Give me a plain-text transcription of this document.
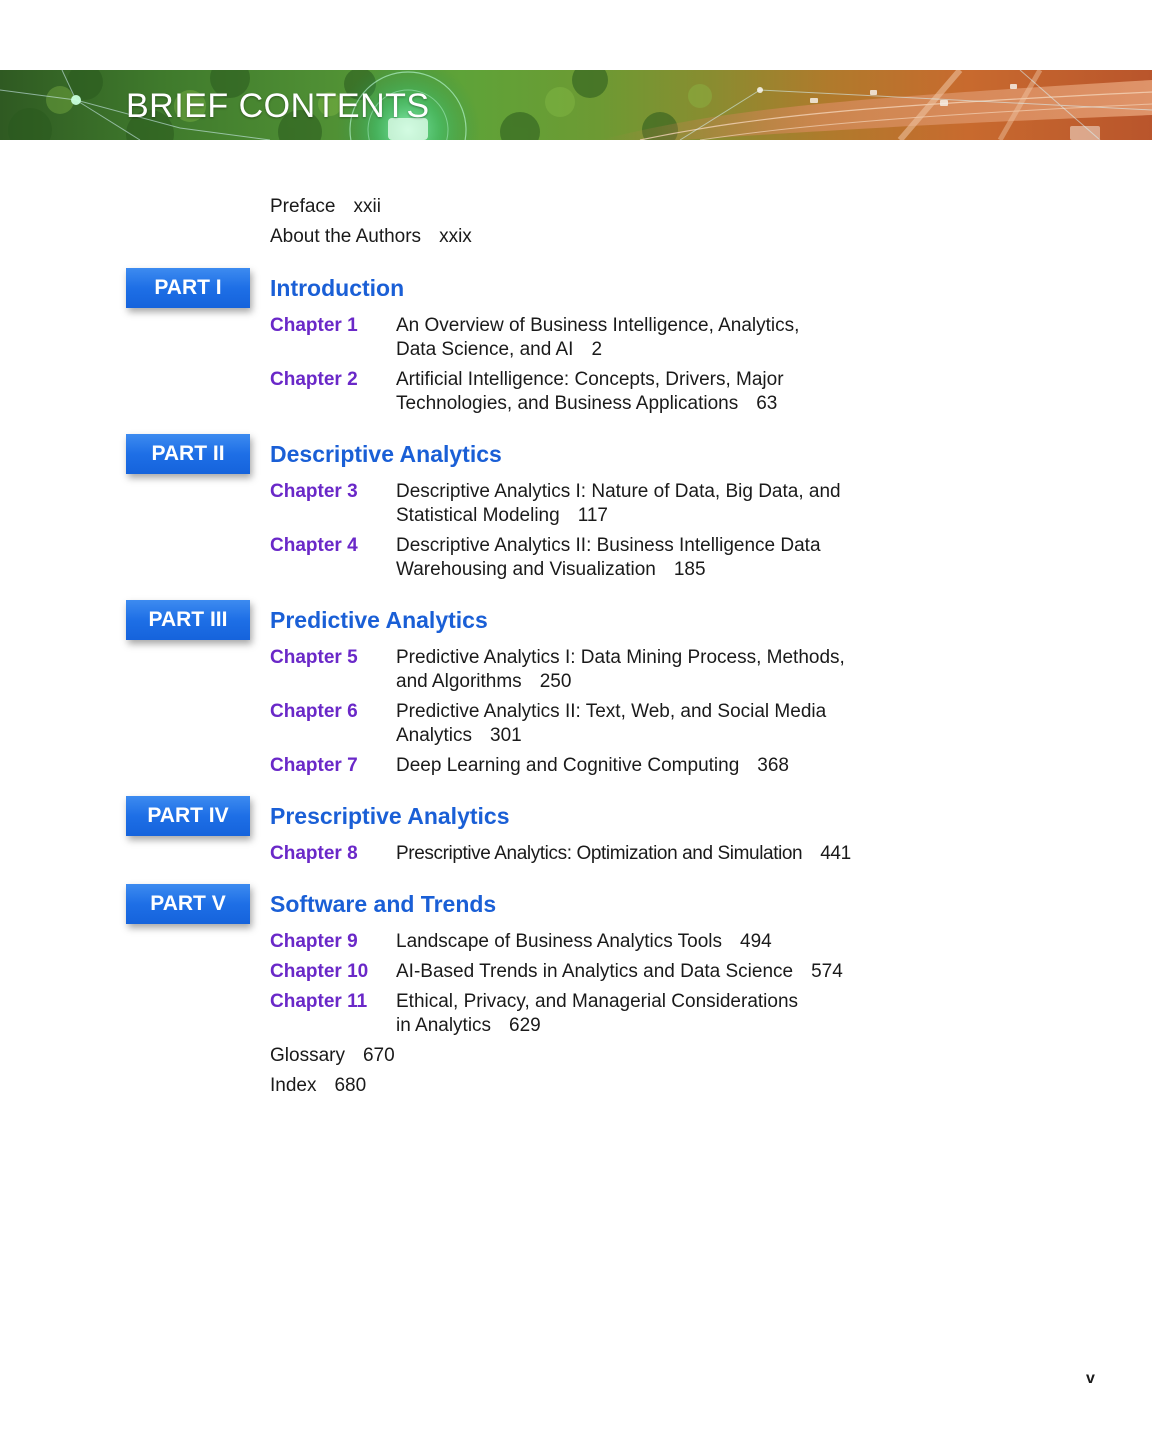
BRIEF CONTENTS
Preface xxii
About the Authors xxix
PART I	Introduction
Chapter 1 An Overview of Business Intelligence, Analytics,
Data Science, and AI 2
Chapter 2 Artificial Intelligence: Concepts, Drivers, Major
Technologies, and Business Applications 63
PART II	Descriptive Analytics
Chapter 3 Descriptive Analytics I: Nature of Data, Big Data, and
Statistical Modeling 117
Chapter 4 Descriptive Analytics II: Business Intelligence Data
Warehousing and Visualization 185
PART III	Predictive Analytics
Chapter 5 Predictive Analytics I: Data Mining Process, Methods,
and Algorithms 250
Chapter 6 Predictive Analytics II: Text, Web, and Social Media
Analytics 301
Chapter 7 Deep Learning and Cognitive Computing 368
PART IV	Prescriptive Analytics
Chapter 8 Prescriptive Analytics: Optimization and Simulation 441
PART V	Software and Trends
Chapter 9 Landscape of Business Analytics Tools 494
Chapter 10 AI-Based Trends in Analytics and Data Science 574
Chapter 11 Ethical, Privacy, and Managerial Considerations
in Analytics 629
Glossary 670
Index 680
v
